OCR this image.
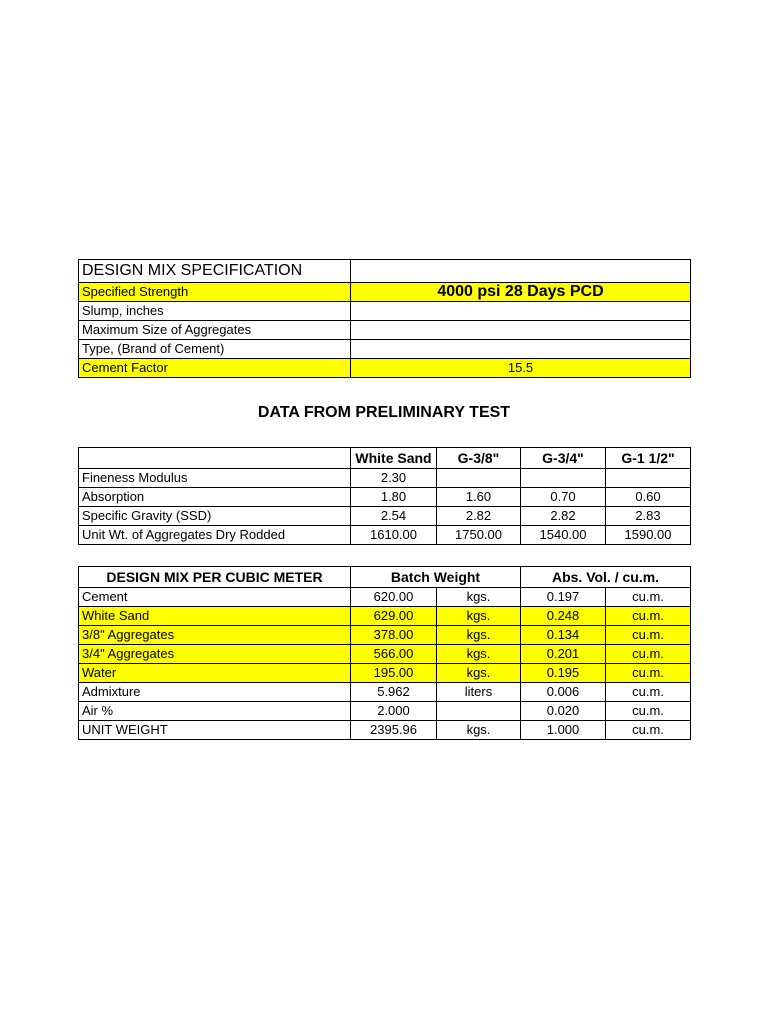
DESIGN MIX SPECIFICATION	
Specified Strength	4000 psi 28 Days PCD
Slump, inches	
Maximum Size of Aggregates	
Type, (Brand of Cement)	
Cement Factor	15.5
DATA FROM PRELIMINARY TEST
	White Sand	G-3/8"	G-3/4"	G-1 1/2"
Fineness Modulus	2.30			
Absorption	1.80	1.60	0.70	0.60
Specific Gravity (SSD)	2.54	2.82	2.82	2.83
Unit Wt. of Aggregates Dry Rodded	1610.00	1750.00	1540.00	1590.00
DESIGN MIX PER CUBIC METER	Batch Weight		Abs. Vol. / cu.m.	
Cement	620.00	kgs.	0.197	cu.m.
White Sand	629.00	kgs.	0.248	cu.m.
3/8" Aggregates	378.00	kgs.	0.134	cu.m.
3/4" Aggregates	566.00	kgs.	0.201	cu.m.
Water	195.00	kgs.	0.195	cu.m.
Admixture	5.962	liters	0.006	cu.m.
Air %	2.000		0.020	cu.m.
UNIT WEIGHT	2395.96	kgs.	1.000	cu.m.
